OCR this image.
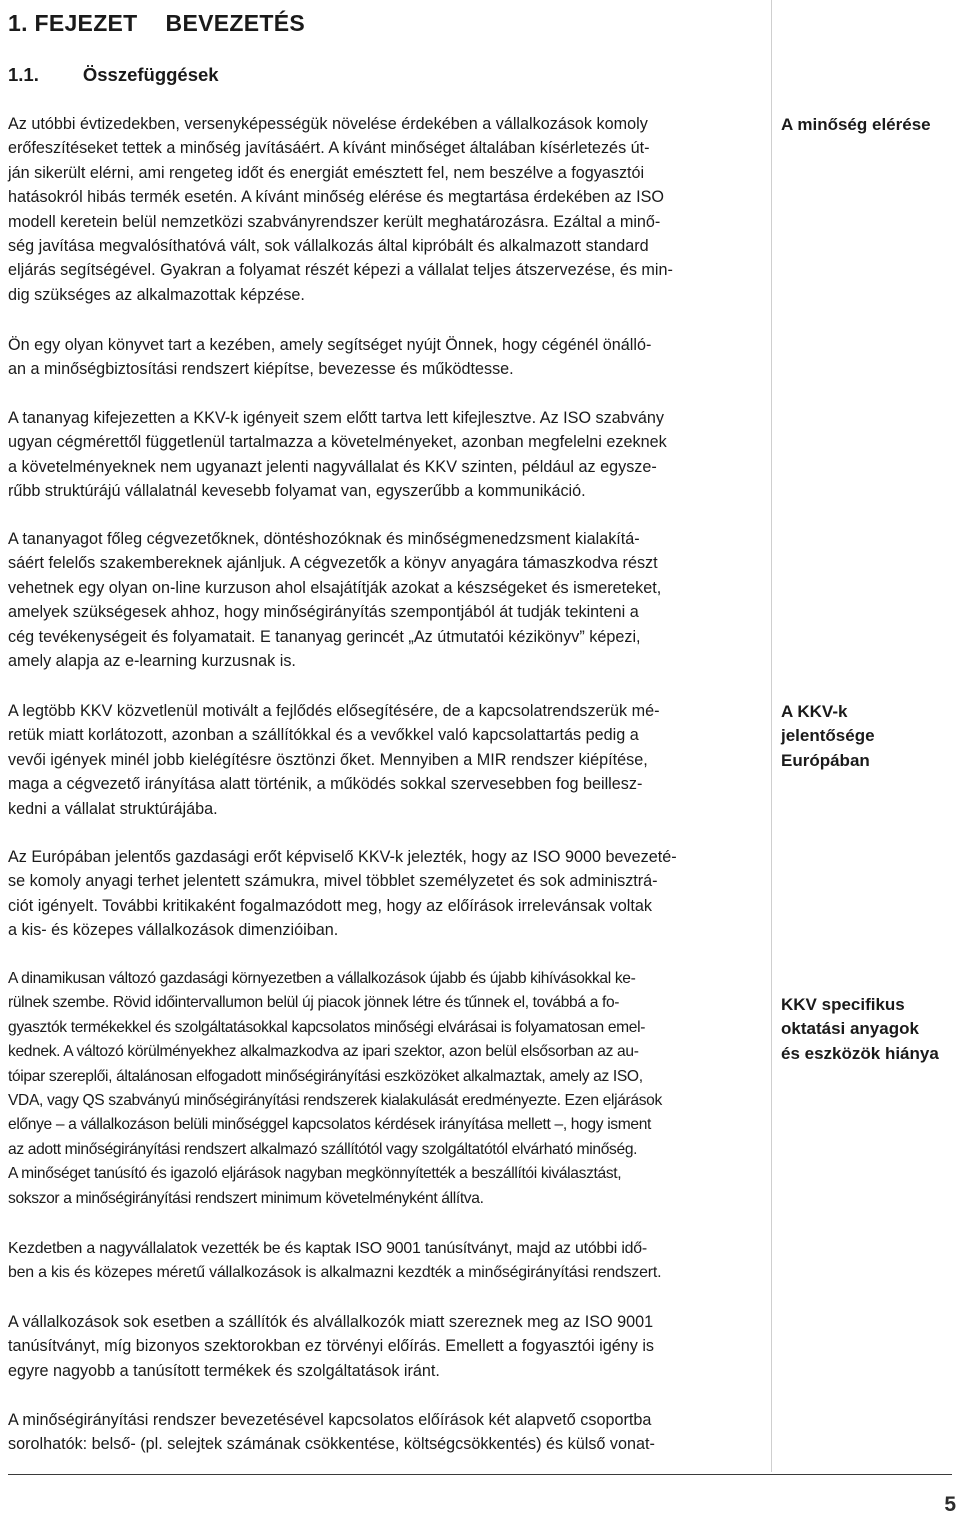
1. FEJEZET BEVEZETÉS
1.1. Összefüggések

Az utóbbi évtizedekben, versenyképességük növelése érdekében a vállalkozások komoly
erőfeszítéseket tettek a minőség javításáért. A kívánt minőséget általában kísérletezés út-
ján sikerült elérni, ami rengeteg időt és energiát emésztett fel, nem beszélve a fogyasztói
hatásokról hibás termék esetén. A kívánt minőség elérése és megtartása érdekében az ISO
modell keretein belül nemzetközi szabványrendszer került meghatározásra. Ezáltal a minő-
ség javítása megvalósíthatóvá vált, sok vállalkozás által kipróbált és alkalmazott standard
eljárás segítségével. Gyakran a folyamat részét képezi a vállalat teljes átszervezése, és min-
dig szükséges az alkalmazottak képzése.

Ön egy olyan könyvet tart a kezében, amely segítséget nyújt Önnek, hogy cégénél önálló-
an a minőségbiztosítási rendszert kiépítse, bevezesse és működtesse.

A tananyag kifejezetten a KKV-k igényeit szem előtt tartva lett kifejlesztve. Az ISO szabvány
ugyan cégmérettől függetlenül tartalmazza a követelményeket, azonban megfelelni ezeknek
a követelményeknek nem ugyanazt jelenti nagyvállalat és KKV szinten, például az egysze-
rűbb struktúrájú vállalatnál kevesebb folyamat van, egyszerűbb a kommunikáció.

A tananyagot főleg cégvezetőknek, döntéshozóknak és minőségmenedzsment kialakítá-
sáért felelős szakembereknek ajánljuk. A cégvezetők a könyv anyagára támaszkodva részt
vehetnek egy olyan on-line kurzuson ahol elsajátítják azokat a készségeket és ismereteket,
amelyek szükségesek ahhoz, hogy minőségirányítás szempontjából át tudják tekinteni a
cég tevékenységeit és folyamatait. E tananyag gerincét „Az útmutatói kézikönyv” képezi,
amely alapja az e-learning kurzusnak is.

A legtöbb KKV közvetlenül motivált a fejlődés elősegítésére, de a kapcsolatrendszerük mé-
retük miatt korlátozott, azonban a szállítókkal és a vevőkkel való kapcsolattartás pedig a
vevői igények minél jobb kielégítésre ösztönzi őket. Mennyiben a MIR rendszer kiépítése,
maga a cégvezető irányítása alatt történik, a működés sokkal szervesebben fog beillesz-
kedni a vállalat struktúrájába.

Az Európában jelentős gazdasági erőt képviselő KKV-k jelezték, hogy az ISO 9000 bevezeté-
se komoly anyagi terhet jelentett számukra, mivel többlet személyzetet és sok adminisztrá-
ciót igényelt. További kritikaként fogalmazódott meg, hogy az előírások irrelevánsak voltak
a kis- és közepes vállalkozások dimenzióiban.

A dinamikusan változó gazdasági környezetben a vállalkozások újabb és újabb kihívásokkal ke-
rülnek szembe. Rövid időintervallumon belül új piacok jönnek létre és tűnnek el, továbbá a fo-
gyasztók termékekkel és szolgáltatásokkal kapcsolatos minőségi elvárásai is folyamatosan emel-
kednek. A változó körülményekhez alkalmazkodva az ipari szektor, azon belül elsősorban az au-
tóipar szereplői, általánosan elfogadott minőségirányítási eszközöket alkalmaztak, amely az ISO,
VDA, vagy QS szabványú minőségirányítási rendszerek kialakulását eredményezte. Ezen eljárások
előnye – a vállalkozáson belüli minőséggel kapcsolatos kérdések irányítása mellett –, hogy isment
az adott minőségirányítási rendszert alkalmazó szállítótól vagy szolgáltatótól elvárható minőség.
A minőséget tanúsító és igazoló eljárások nagyban megkönnyítették a beszállítói kiválasztást,
sokszor a minőségirányítási rendszert minimum követelményként állítva.

Kezdetben a nagyvállalatok vezették be és kaptak ISO 9001 tanúsítványt, majd az utóbbi idő-
ben a kis és közepes méretű vállalkozások is alkalmazni kezdték a minőségirányítási rendszert.

A vállalkozások sok esetben a szállítók és alvállalkozók miatt szereznek meg az ISO 9001
tanúsítványt, míg bizonyos szektorokban ez törvényi előírás. Emellett a fogyasztói igény is
egyre nagyobb a tanúsított termékek és szolgáltatások iránt.

A minőségirányítási rendszer bevezetésével kapcsolatos előírások két alapvető csoportba
sorolhatók: belső- (pl. selejtek számának csökkentése, költségcsökkentés) és külső vonat-

A minőség elérése

A KKV-k
jelentősége
Európában

KKV specifikus
oktatási anyagok
és eszközök hiánya

5
